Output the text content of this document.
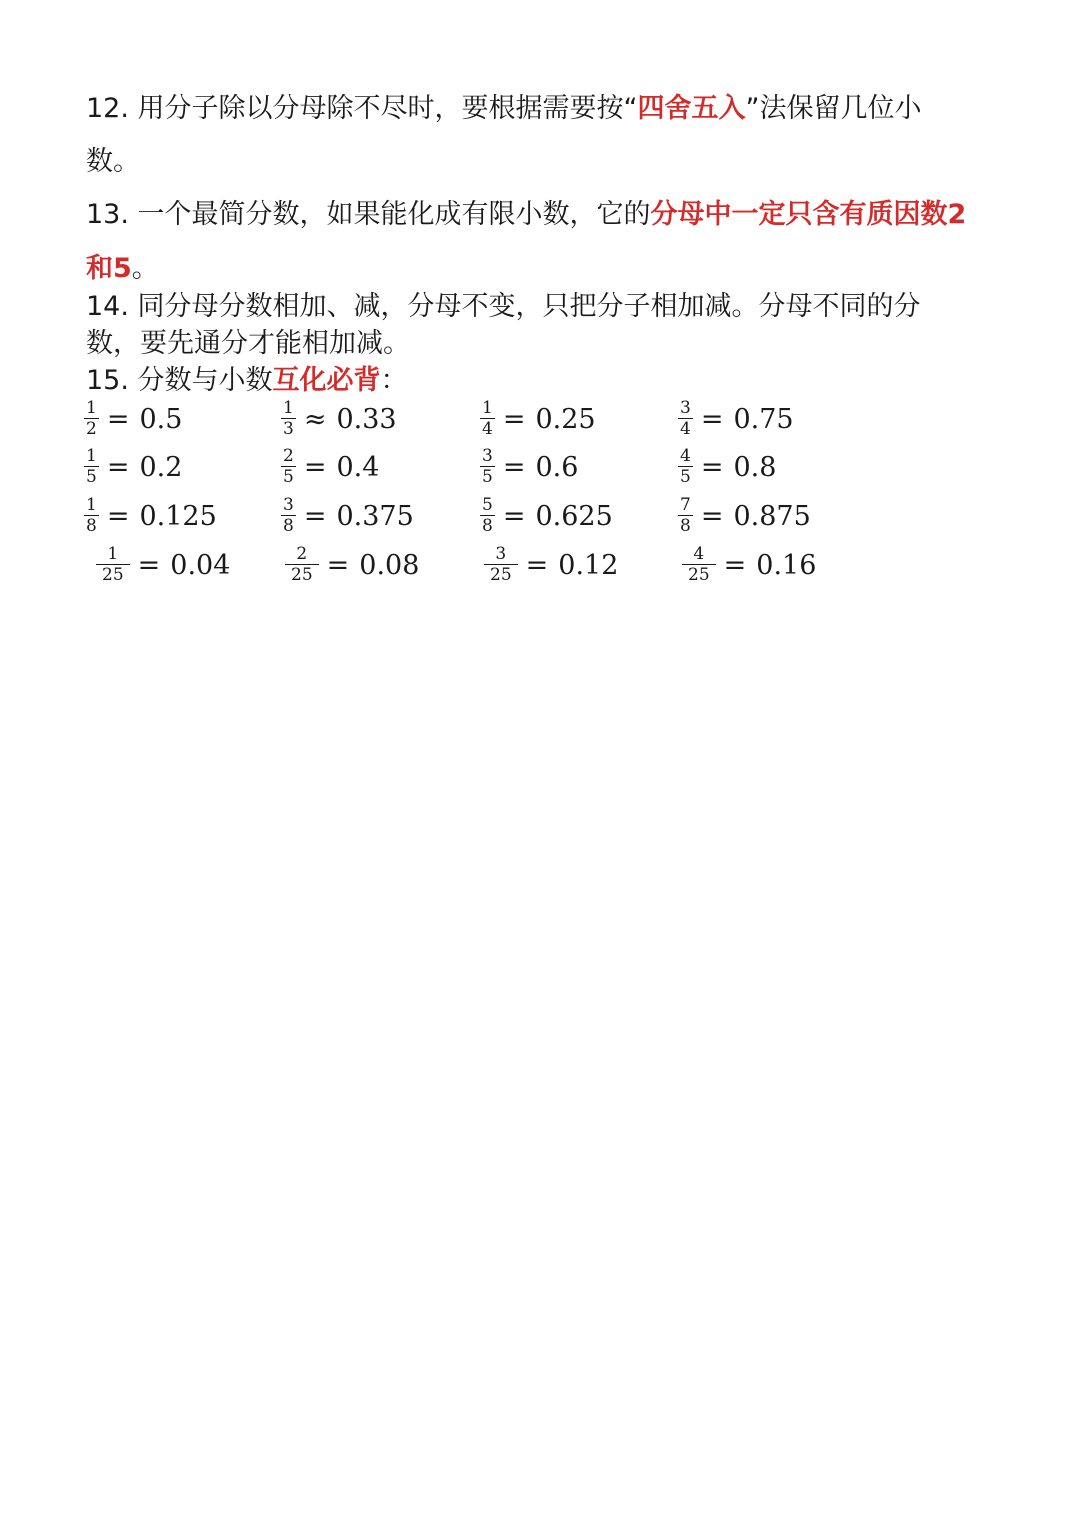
12. 用分子除以分母除不尽时，要根据需要按“四舍五入”法保留几位小
数。
13. 一个最简分数，如果能化成有限小数，它的分母中一定只含有质因数2
和5。
14. 同分母分数相加、减，分母不变，只把分子相加减。分母不同的分
数，要先通分才能相加减。
15. 分数与小数互化必背：
$\frac{1}{2} = 0.5$	$\frac{1}{3} \approx 0.33$	$\frac{1}{4} = 0.25$	$\frac{3}{4} = 0.75$
$\frac{1}{5} = 0.2$	$\frac{2}{5} = 0.4$	$\frac{3}{5} = 0.6$	$\frac{4}{5} = 0.8$
$\frac{1}{8} = 0.125$	$\frac{3}{8} = 0.375$	$\frac{5}{8} = 0.625$	$\frac{7}{8} = 0.875$
$\frac{1}{25} = 0.04$	$\frac{2}{25} = 0.08$	$\frac{3}{25} = 0.12$	$\frac{4}{25} = 0.16$
